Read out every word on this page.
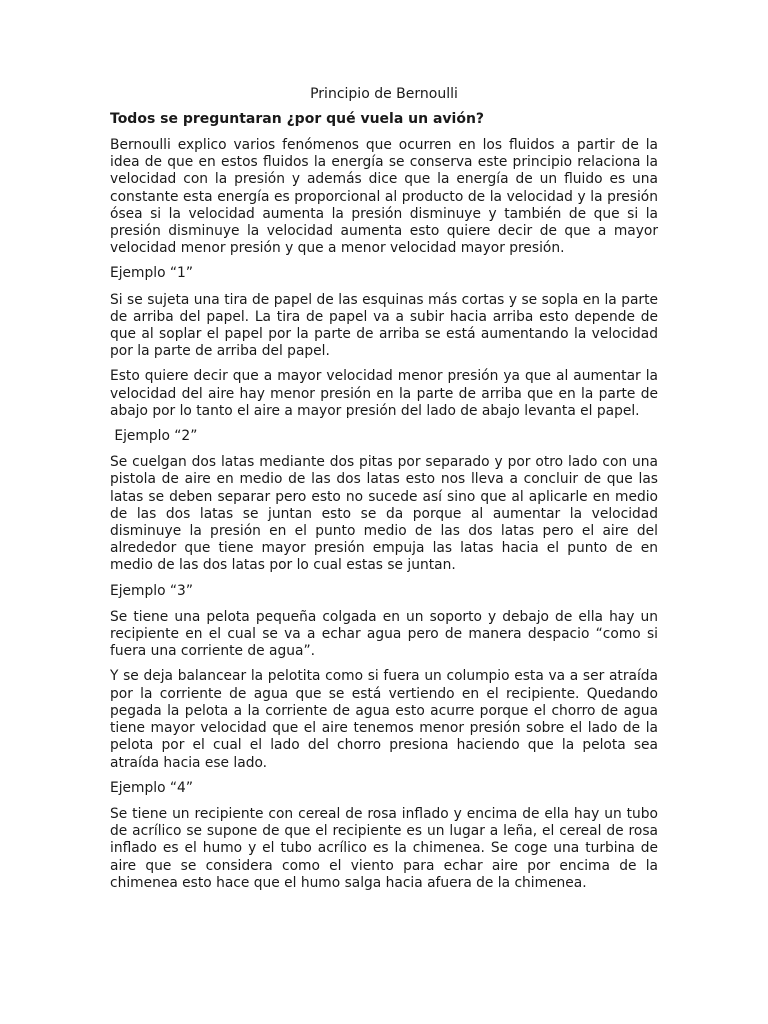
Principio de Bernoulli
Todos se preguntaran ¿por qué vuela un avión?

Bernoulli explico varios fenómenos que ocurren en los fluidos a partir de la idea de que en estos fluidos la energía se conserva este principio relaciona la velocidad con la presión y además dice que la energía de un fluido es una constante esta energía es proporcional al producto de la velocidad y la presión ósea si la velocidad aumenta la presión disminuye y también de que si la presión disminuye la velocidad aumenta esto quiere decir de que a mayor velocidad menor presión y que a menor velocidad mayor presión.

Ejemplo “1”

Si se sujeta una tira de papel de las esquinas más cortas y se sopla en la parte de arriba del papel. La tira de papel va a subir hacia arriba esto depende de que al soplar el papel por la parte de arriba se está aumentando la velocidad por la parte de arriba del papel.

Esto quiere decir que a mayor velocidad menor presión ya que al aumentar la velocidad del aire hay menor presión en la parte de arriba que en la parte de abajo por lo tanto el aire a mayor presión del lado de abajo levanta el papel.

Ejemplo “2”

Se cuelgan dos latas mediante dos pitas por separado y por otro lado con una pistola de aire en medio de las dos latas esto nos lleva a concluir de que las latas se deben separar pero esto no sucede así sino que al aplicarle en medio de las dos latas se juntan esto se da porque al aumentar la velocidad disminuye la presión en el punto medio de las dos latas pero el aire del alrededor que tiene mayor presión empuja las latas hacia el punto de en medio de las dos latas por lo cual estas se juntan.

Ejemplo “3”

Se tiene una pelota pequeña colgada en un soporto y debajo de ella hay un recipiente en el cual se va a echar agua pero de manera despacio “como si fuera una corriente de agua”.

Y se deja balancear la pelotita como si fuera un columpio esta va a ser atraída por la corriente de agua que se está vertiendo en el recipiente. Quedando pegada la pelota a la corriente de agua esto acurre porque el chorro de agua tiene mayor velocidad que el aire tenemos menor presión sobre el lado de la pelota por el cual el lado del chorro presiona haciendo que la pelota sea atraída hacia ese lado.

Ejemplo “4”

Se tiene un recipiente con cereal de rosa inflado y encima de ella hay un tubo de acrílico se supone de que el recipiente es un lugar a leña, el cereal de rosa inflado es el humo y el tubo acrílico es la chimenea. Se coge una turbina de aire que se considera como el viento para echar aire por encima de la chimenea esto hace que el humo salga hacia afuera de la chimenea.
